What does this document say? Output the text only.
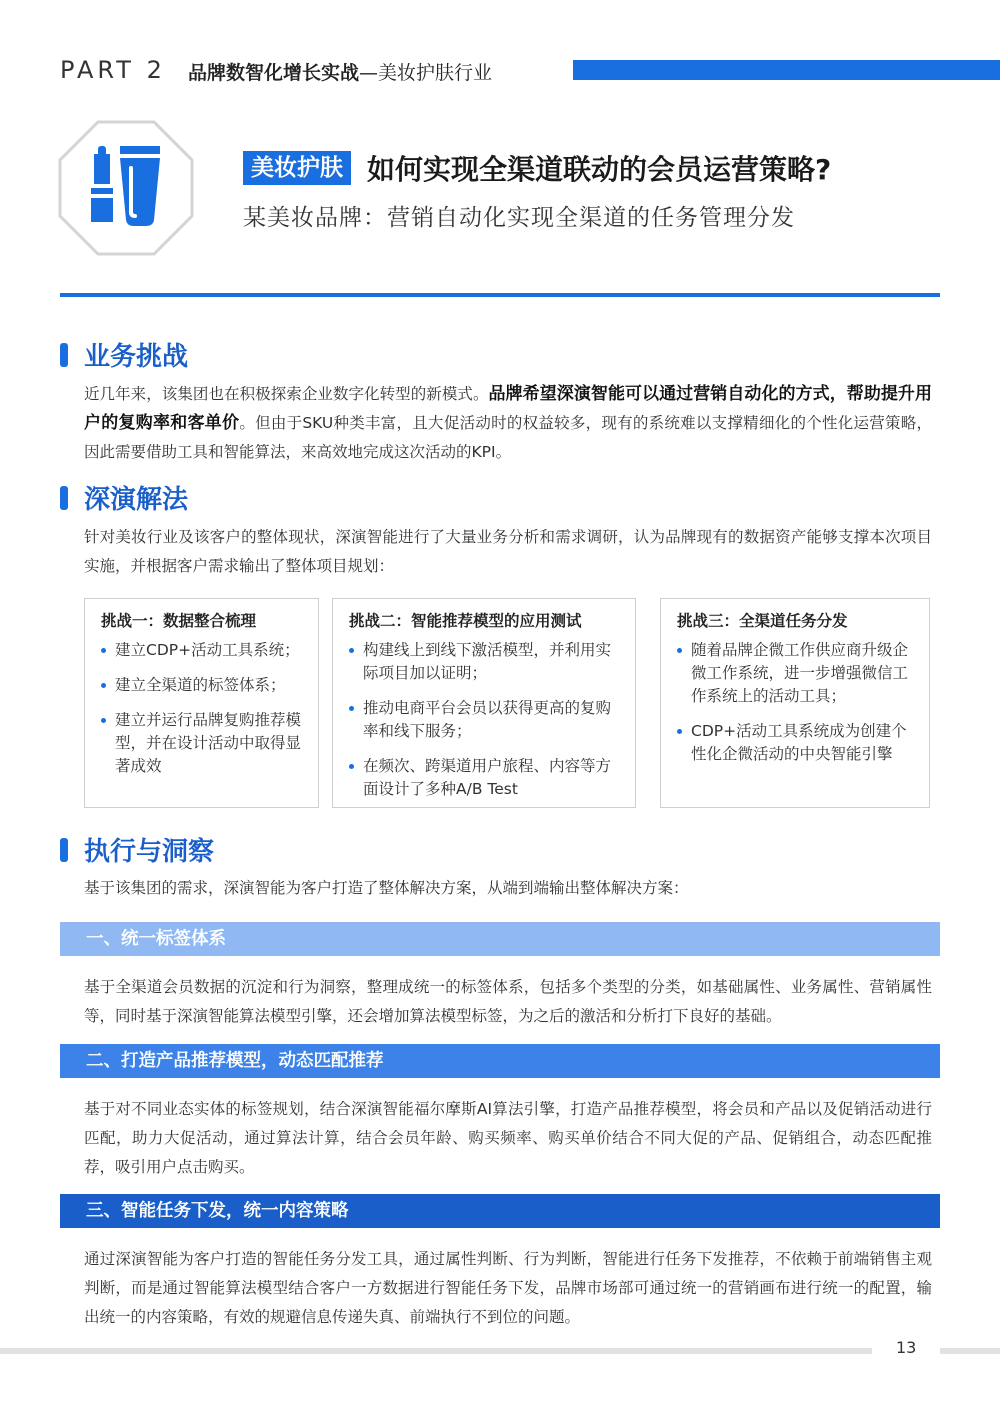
PART 2 品牌数智化增长实战—美妆护肤行业
美妆护肤 如何实现全渠道联动的会员运营策略?
某美妆品牌：营销自动化实现全渠道的任务管理分发
业务挑战
近几年来，该集团也在积极探索企业数字化转型的新模式。品牌希望深演智能可以通过营销自动化的方式，帮助提升用户的复购率和客单价。但由于SKU种类丰富，且大促活动时的权益较多，现有的系统难以支撑精细化的个性化运营策略，因此需要借助工具和智能算法，来高效地完成这次活动的KPI。
深演解法
针对美妆行业及该客户的整体现状，深演智能进行了大量业务分析和需求调研，认为品牌现有的数据资产能够支撑本次项目实施，并根据客户需求输出了整体项目规划：
挑战一：数据整合梳理
建立CDP+活动工具系统；
建立全渠道的标签体系；
建立并运行品牌复购推荐模型，并在设计活动中取得显著成效
挑战二：智能推荐模型的应用测试
构建线上到线下激活模型，并利用实际项目加以证明；
推动电商平台会员以获得更高的复购率和线下服务；
在频次、跨渠道用户旅程、内容等方面设计了多种A/B Test
挑战三：全渠道任务分发
随着品牌企微工作供应商升级企微工作系统，进一步增强微信工作系统上的活动工具；
CDP+活动工具系统成为创建个性化企微活动的中央智能引擎
执行与洞察
基于该集团的需求，深演智能为客户打造了整体解决方案，从端到端输出整体解决方案：
一、统一标签体系
基于全渠道会员数据的沉淀和行为洞察，整理成统一的标签体系，包括多个类型的分类，如基础属性、业务属性、营销属性等，同时基于深演智能算法模型引擎，还会增加算法模型标签，为之后的激活和分析打下良好的基础。
二、打造产品推荐模型，动态匹配推荐
基于对不同业态实体的标签规划，结合深演智能福尔摩斯AI算法引擎，打造产品推荐模型，将会员和产品以及促销活动进行匹配，助力大促活动，通过算法计算，结合会员年龄、购买频率、购买单价结合不同大促的产品、促销组合，动态匹配推荐，吸引用户点击购买。
三、智能任务下发，统一内容策略
通过深演智能为客户打造的智能任务分发工具，通过属性判断、行为判断，智能进行任务下发推荐，不依赖于前端销售主观判断，而是通过智能算法模型结合客户一方数据进行智能任务下发，品牌市场部可通过统一的营销画布进行统一的配置，输出统一的内容策略，有效的规避信息传递失真、前端执行不到位的问题。
13
